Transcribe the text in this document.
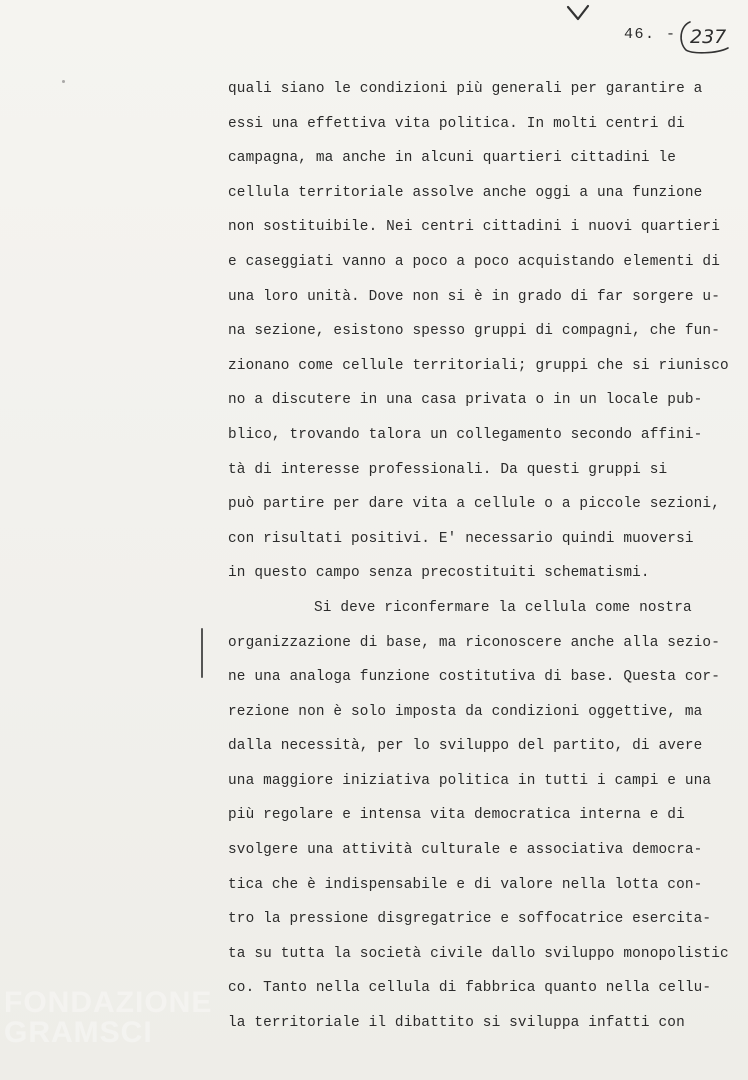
46. - 237
quali siano le condizioni più generali per garantire a
essi una effettiva vita politica. In molti centri di
campagna, ma anche in alcuni quartieri cittadini le
cellula territoriale assolve anche oggi a una funzione
non sostituibile. Nei centri cittadini i nuovi quartieri
e caseggiati vanno a poco a poco acquistando elementi di
una loro unità. Dove non si è in grado di far sorgere u-
na sezione, esistono spesso gruppi di compagni, che fun-
zionano come cellule territoriali; gruppi che si riunisco
no a discutere in una casa privata o in un locale pub-
blico, trovando talora un collegamento secondo affini-
tà di interesse professionali. Da questi gruppi si
può partire per dare vita a cellule o a piccole sezioni,
con risultati positivi. E' necessario quindi muoversi
in questo campo senza precostituiti schematismi.
Si deve riconfermare la cellula come nostra
organizzazione di base, ma riconoscere anche alla sezio-
ne una analoga funzione costitutiva di base. Questa cor-
rezione non è solo imposta da condizioni oggettive, ma
dalla necessità, per lo sviluppo del partito, di avere
una maggiore iniziativa politica in tutti i campi e una
più regolare e intensa vita democratica interna e di
svolgere una attività culturale e associativa democra-
tica che è indispensabile e di valore nella lotta con-
tro la pressione disgregatrice e soffocatrice esercita-
ta su tutta la società civile dallo sviluppo monopolistic
co. Tanto nella cellula di fabbrica quanto nella cellu-
la territoriale il dibattito si sviluppa infatti con
FONDAZIONE
GRAMSCI
